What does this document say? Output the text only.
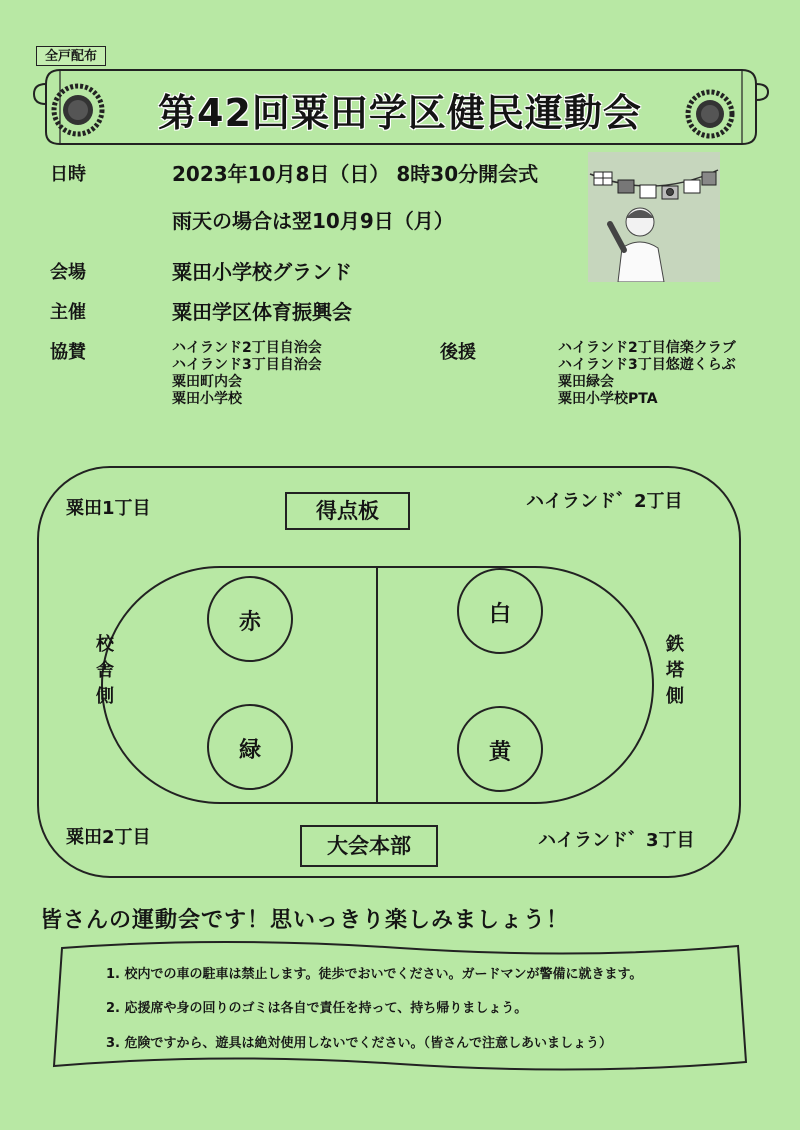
全戸配布
第42回粟田学区健民運動会
日時	2023年10月8日（日） 8時30分開会式
雨天の場合は翌10月9日（月）
会場	粟田小学校グランド
主催	粟田学区体育振興会
協賛	ハイランド2丁目自治会
ハイランド3丁目自治会
粟田町内会
粟田小学校
後援	ハイランド2丁目信楽クラブ
ハイランド3丁目悠遊くらぶ
粟田緑会
粟田小学校PTA
粟田1丁目	ハイランド゛2丁目
粟田2丁目	ハイランド゛3丁目
得点板
大会本部
校舎側
鉄塔側
赤
緑
白
黄
皆さんの運動会です！思いっきり楽しみましょう！
1. 校内での車の駐車は禁止します。徒歩でおいでください。ガードマンが警備に就きます。
2. 応援席や身の回りのゴミは各自で責任を持って、持ち帰りましょう。
3. 危険ですから、遊具は絶対使用しないでください。（皆さんで注意しあいましょう）
